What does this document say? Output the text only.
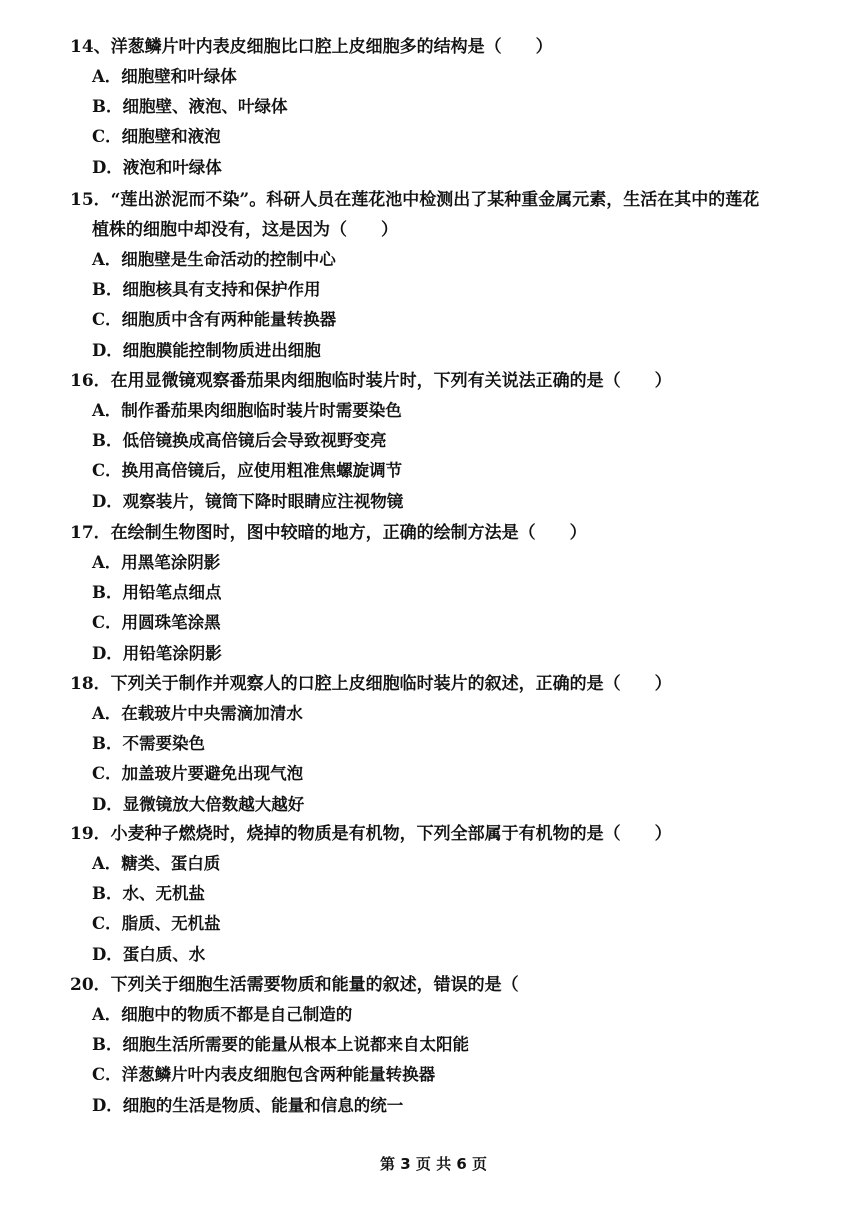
14、洋葱鳞片叶内表皮细胞比口腔上皮细胞多的结构是（　　）
A．细胞壁和叶绿体
B．细胞壁、液泡、叶绿体
C．细胞壁和液泡
D．液泡和叶绿体
15．“莲出淤泥而不染”。科研人员在莲花池中检测出了某种重金属元素，生活在其中的莲花
植株的细胞中却没有，这是因为（　　）
A．细胞壁是生命活动的控制中心
B．细胞核具有支持和保护作用
C．细胞质中含有两种能量转换器
D．细胞膜能控制物质进出细胞
16．在用显微镜观察番茄果肉细胞临时装片时，下列有关说法正确的是（　　）
A．制作番茄果肉细胞临时装片时需要染色
B．低倍镜换成高倍镜后会导致视野变亮
C．换用高倍镜后，应使用粗准焦螺旋调节
D．观察装片，镜筒下降时眼睛应注视物镜
17．在绘制生物图时，图中较暗的地方，正确的绘制方法是（　　）
A．用黑笔涂阴影
B．用铅笔点细点
C．用圆珠笔涂黑
D．用铅笔涂阴影
18．下列关于制作并观察人的口腔上皮细胞临时装片的叙述，正确的是（　　）
A．在载玻片中央需滴加清水
B．不需要染色
C．加盖玻片要避免出现气泡
D．显微镜放大倍数越大越好
19．小麦种子燃烧时，烧掉的物质是有机物，下列全部属于有机物的是（　　）
A．糖类、蛋白质
B．水、无机盐
C．脂质、无机盐
D．蛋白质、水
20．下列关于细胞生活需要物质和能量的叙述，错误的是（
A．细胞中的物质不都是自己制造的
B．细胞生活所需要的能量从根本上说都来自太阳能
C．洋葱鳞片叶内表皮细胞包含两种能量转换器
D．细胞的生活是物质、能量和信息的统一
第 3 页 共 6 页
